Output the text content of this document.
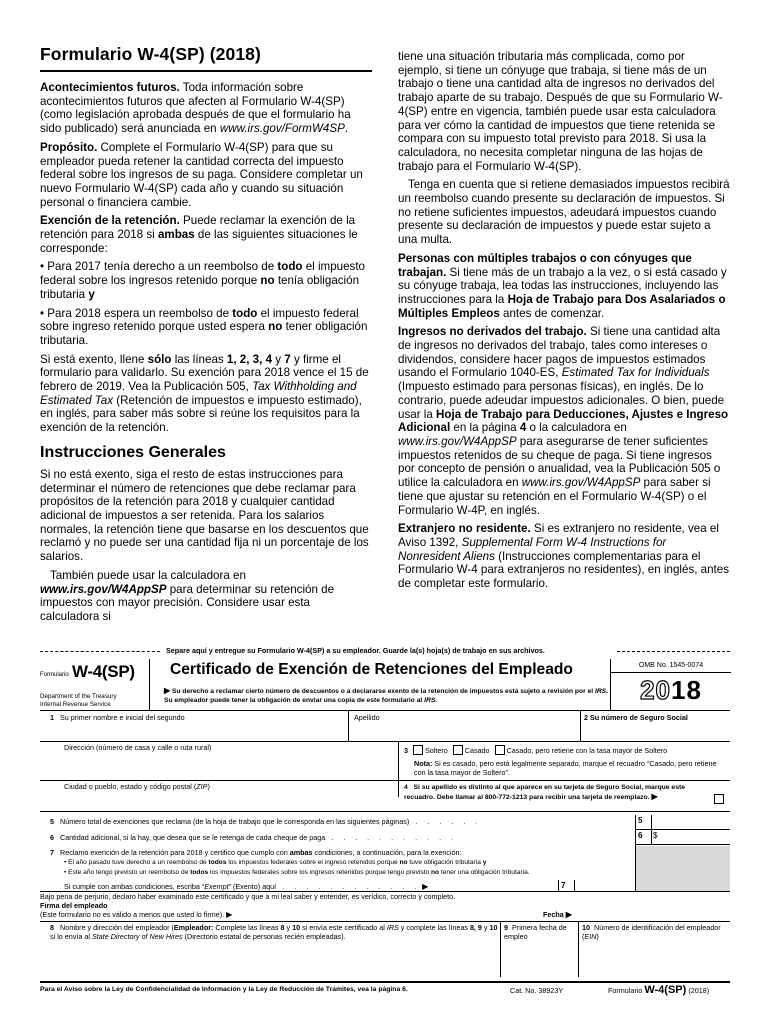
Formulario W-4(SP) (2018)
Acontecimientos futuros. Toda información sobre acontecimientos futuros que afecten al Formulario W-4(SP) (como legislación aprobada después de que el formulario ha sido publicado) será anunciada en www.irs.gov/FormW4SP.
Propósito. Complete el Formulario W-4(SP) para que su empleador pueda retener la cantidad correcta del impuesto federal sobre los ingresos de su paga. Considere completar un nuevo Formulario W-4(SP) cada año y cuando su situación personal o financiera cambie.
Exención de la retención. Puede reclamar la exención de la retención para 2018 si ambas de las siguientes situaciones le corresponde:
• Para 2017 tenía derecho a un reembolso de todo el impuesto federal sobre los ingresos retenido porque no tenía obligación tributaria y
• Para 2018 espera un reembolso de todo el impuesto federal sobre ingreso retenido porque usted espera no tener obligación tributaria.
Si está exento, llene sólo las líneas 1, 2, 3, 4 y 7 y firme el formulario para validarlo. Su exención para 2018 vence el 15 de febrero de 2019. Vea la Publicación 505, Tax Withholding and Estimated Tax (Retención de impuestos e impuesto estimado), en inglés, para saber más sobre si reúne los requisitos para la exención de la retención.
Instrucciones Generales
Si no está exento, siga el resto de estas instrucciones para determinar el número de retenciones que debe reclamar para propósitos de la retención para 2018 y cualquier cantidad adicional de impuestos a ser retenida. Para los salarios normales, la retención tiene que basarse en los descuentos que reclamó y no puede ser una cantidad fija ni un porcentaje de los salarios.
También puede usar la calculadora en www.irs.gov/W4AppSP para determinar su retención de impuestos con mayor precisión. Considere usar esta calculadora si
tiene una situación tributaria más complicada, como por ejemplo, si tiene un cónyuge que trabaja, si tiene más de un trabajo o tiene una cantidad alta de ingresos no derivados del trabajo aparte de su trabajo. Después de que su Formulario W-4(SP) entre en vigencia, también puede usar esta calculadora para ver cómo la cantidad de impuestos que tiene retenida se compara con su impuesto total previsto para 2018. Si usa la calculadora, no necesita completar ninguna de las hojas de trabajo para el Formulario W-4(SP).
Tenga en cuenta que si retiene demasiados impuestos recibirá un reembolso cuando presente su declaración de impuestos. Si no retiene suficientes impuestos, adeudará impuestos cuando presente su declaración de impuestos y puede estar sujeto a una multa.
Personas con múltiples trabajos o con cónyuges que trabajan. Si tiene más de un trabajo a la vez, o si está casado y su cónyuge trabaja, lea todas las instrucciones, incluyendo las instrucciones para la Hoja de Trabajo para Dos Asalariados o Múltiples Empleos antes de comenzar.
Ingresos no derivados del trabajo. Si tiene una cantidad alta de ingresos no derivados del trabajo, tales como intereses o dividendos, considere hacer pagos de impuestos estimados usando el Formulario 1040-ES, Estimated Tax for Individuals (Impuesto estimado para personas físicas), en inglés. De lo contrario, puede adeudar impuestos adicionales. O bien, puede usar la Hoja de Trabajo para Deducciones, Ajustes e Ingreso Adicional en la página 4 o la calculadora en www.irs.gov/W4AppSP para asegurarse de tener suficientes impuestos retenidos de su cheque de paga. Si tiene ingresos por concepto de pensión o anualidad, vea la Publicación 505 o utilice la calculadora en www.irs.gov/W4AppSP para saber si tiene que ajustar su retención en el Formulario W-4(SP) o el Formulario W-4P, en inglés.
Extranjero no residente. Si es extranjero no residente, vea el Aviso 1392, Supplemental Form W-4 Instructions for Nonresident Aliens (Instrucciones complementarias para el Formulario W-4 para extranjeros no residentes), en inglés, antes de completar este formulario.
Separe aquí y entregue su Formulario W-4(SP) a su empleador. Guarde la(s) hoja(s) de trabajo en sus archivos.
Formulario W-4(SP)
Department of the Treasury
Internal Revenue Service
Certificado de Exención de Retenciones del Empleado
▶ Su derecho a reclamar cierto número de descuentos o a declararse exento de la retención de impuestos está sujeto a revisión por el IRS. Su empleador puede tener la obligación de enviar una copia de este formulario al IRS.
OMB No. 1545-0074
2018
1 Su primer nombre e inicial del segundo	Apellido	2 Su número de Seguro Social
Dirección (número de casa y calle o ruta rural)	3 Soltero Casado Casado, pero retiene con la tasa mayor de Soltero
Nota: Si es casado, pero está legalmente separado, marque el recuadro “Casado, pero retiene con la tasa mayor de Soltero”.
Ciudad o pueblo, estado y código postal (ZIP)	4 Si su apellido es distinto al que aparece en su tarjeta de Seguro Social, marque este recuadro. Debe llamar al 800-772-1213 para recibir una tarjeta de reemplazo. ▶
5 Número total de exenciones que reclama (de la hoja de trabajo que le corresponda en las siguientes páginas) . . . . . .	5
6 Cantidad adicional, si la hay, que desea que se le retenga de cada cheque de paga . . . . . . . . . . .	6	$
7 Reclamo exención de la retención para 2018 y certifico que cumplo con ambas condiciones, a continuación, para la exención:
• El año pasado tuve derecho a un reembolso de todos los impuestos federales sobre el ingreso retenidos porque no tuve obligación tributaria y
• Este año tengo previsto un reembolso de todos los impuestos federales sobre los ingresos retenidos porque tengo previsto no tener una obligación tributaria.
Si cumple con ambas condiciones, escriba “Exempt” (Exento) aquí . . . . . . . . . . . . ▶	7
Bajo pena de perjurio, declaro haber examinado este certificado y que a mi leal saber y entender, es verídico, correcto y completo.
Firma del empleado
(Este formulario no es válido a menos que usted lo firme). ▶	Fecha ▶
8 Nombre y dirección del empleador (Empleador: Complete las líneas 8 y 10 si envía este certificado al IRS y complete las líneas 8, 9 y 10 si lo envía al State Directory of New Hires (Directorio estatal de personas recién empleadas).
9 Primera fecha de empleo
10 Número de identificación del empleador (EIN)
Para el Aviso sobre la Ley de Confidencialidad de Información y la Ley de Reducción de Trámites, vea la página 6.	Cat. No. 38923Y	Formulario W-4(SP) (2018)
